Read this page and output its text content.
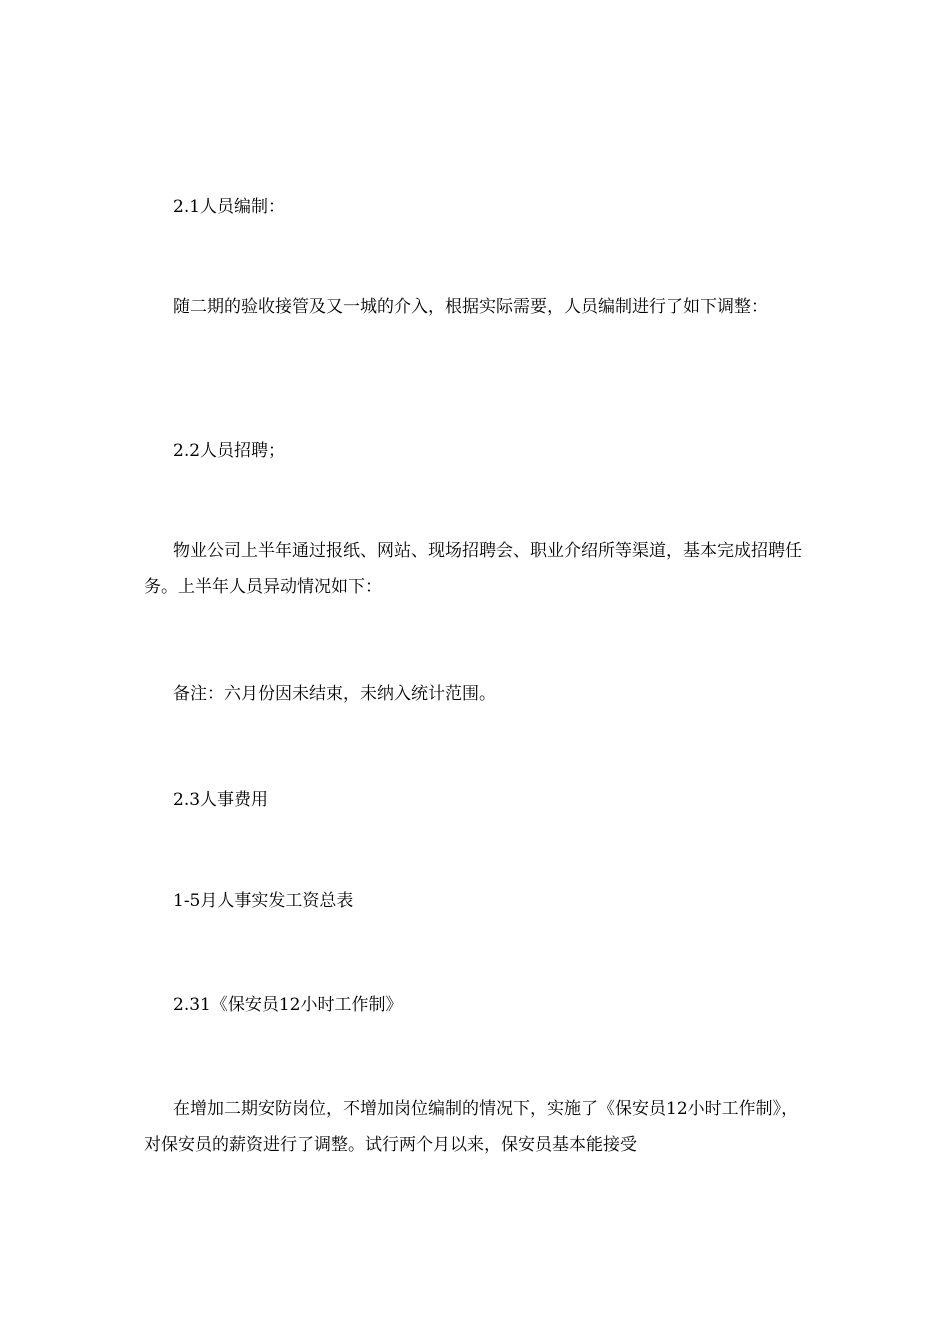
2.1人员编制：

随二期的验收接管及又一城的介入，根据实际需要，人员编制进行了如下调整：

2.2人员招聘；

物业公司上半年通过报纸、网站、现场招聘会、职业介绍所等渠道，基本完成招聘任务。上半年人员异动情况如下：

备注：六月份因未结束，未纳入统计范围。

2.3人事费用

1-5月人事实发工资总表

2.31《保安员12小时工作制》

在增加二期安防岗位，不增加岗位编制的情况下，实施了《保安员12小时工作制》，对保安员的薪资进行了调整。试行两个月以来，保安员基本能接受
